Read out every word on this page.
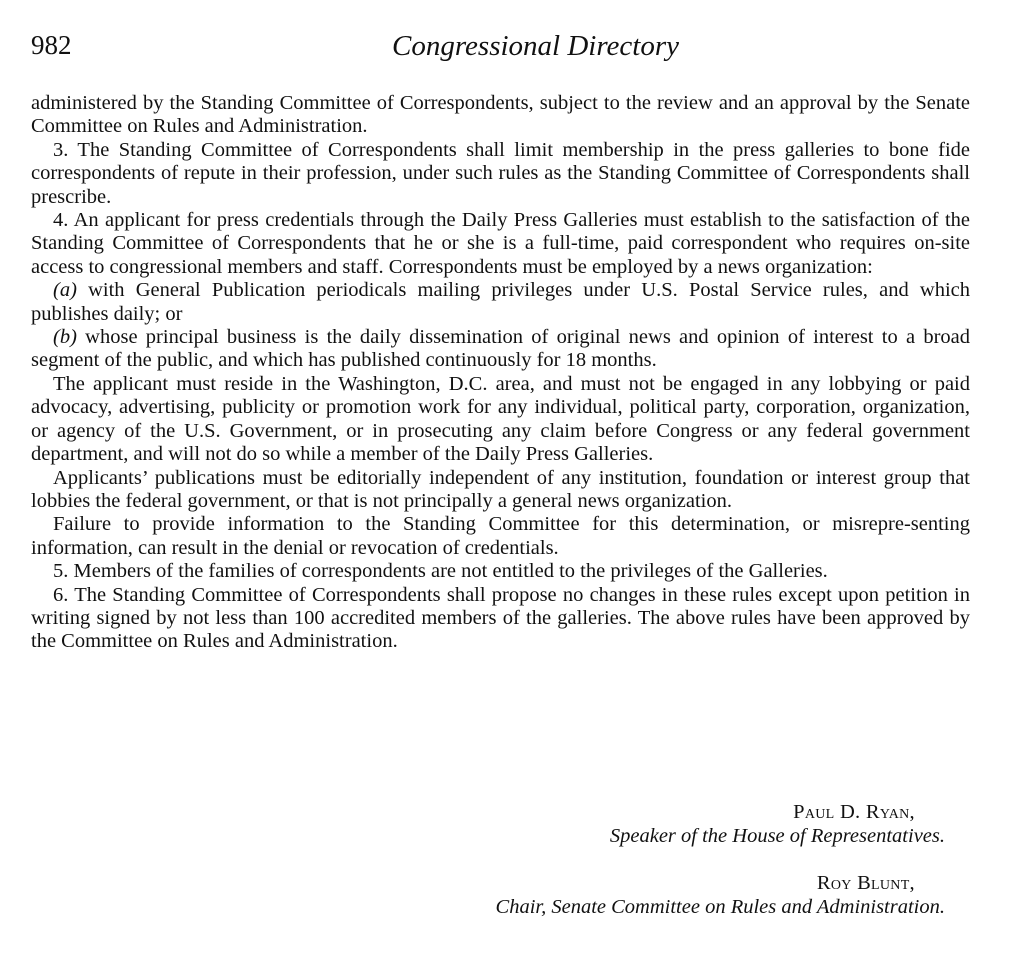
982	Congressional Directory

administered by the Standing Committee of Correspondents, subject to the review and an approval by the Senate Committee on Rules and Administration.

3. The Standing Committee of Correspondents shall limit membership in the press galleries to bone fide correspondents of repute in their profession, under such rules as the Standing Committee of Correspondents shall prescribe.

4. An applicant for press credentials through the Daily Press Galleries must establish to the satisfaction of the Standing Committee of Correspondents that he or she is a full-time, paid correspondent who requires on-site access to congressional members and staff. Correspondents must be employed by a news organization:

(a) with General Publication periodicals mailing privileges under U.S. Postal Service rules, and which publishes daily; or

(b) whose principal business is the daily dissemination of original news and opinion of interest to a broad segment of the public, and which has published continuously for 18 months.

The applicant must reside in the Washington, D.C. area, and must not be engaged in any lobbying or paid advocacy, advertising, publicity or promotion work for any individual, political party, corporation, organization, or agency of the U.S. Government, or in prosecuting any claim before Congress or any federal government department, and will not do so while a member of the Daily Press Galleries.

Applicants’ publications must be editorially independent of any institution, foundation or interest group that lobbies the federal government, or that is not principally a general news organization.

Failure to provide information to the Standing Committee for this determination, or misrepre-senting information, can result in the denial or revocation of credentials.

5. Members of the families of correspondents are not entitled to the privileges of the Galleries.

6. The Standing Committee of Correspondents shall propose no changes in these rules except upon petition in writing signed by not less than 100 accredited members of the galleries. The above rules have been approved by the Committee on Rules and Administration.

Paul D. Ryan,
Speaker of the House of Representatives.
Roy Blunt,
Chair, Senate Committee on Rules and Administration.
